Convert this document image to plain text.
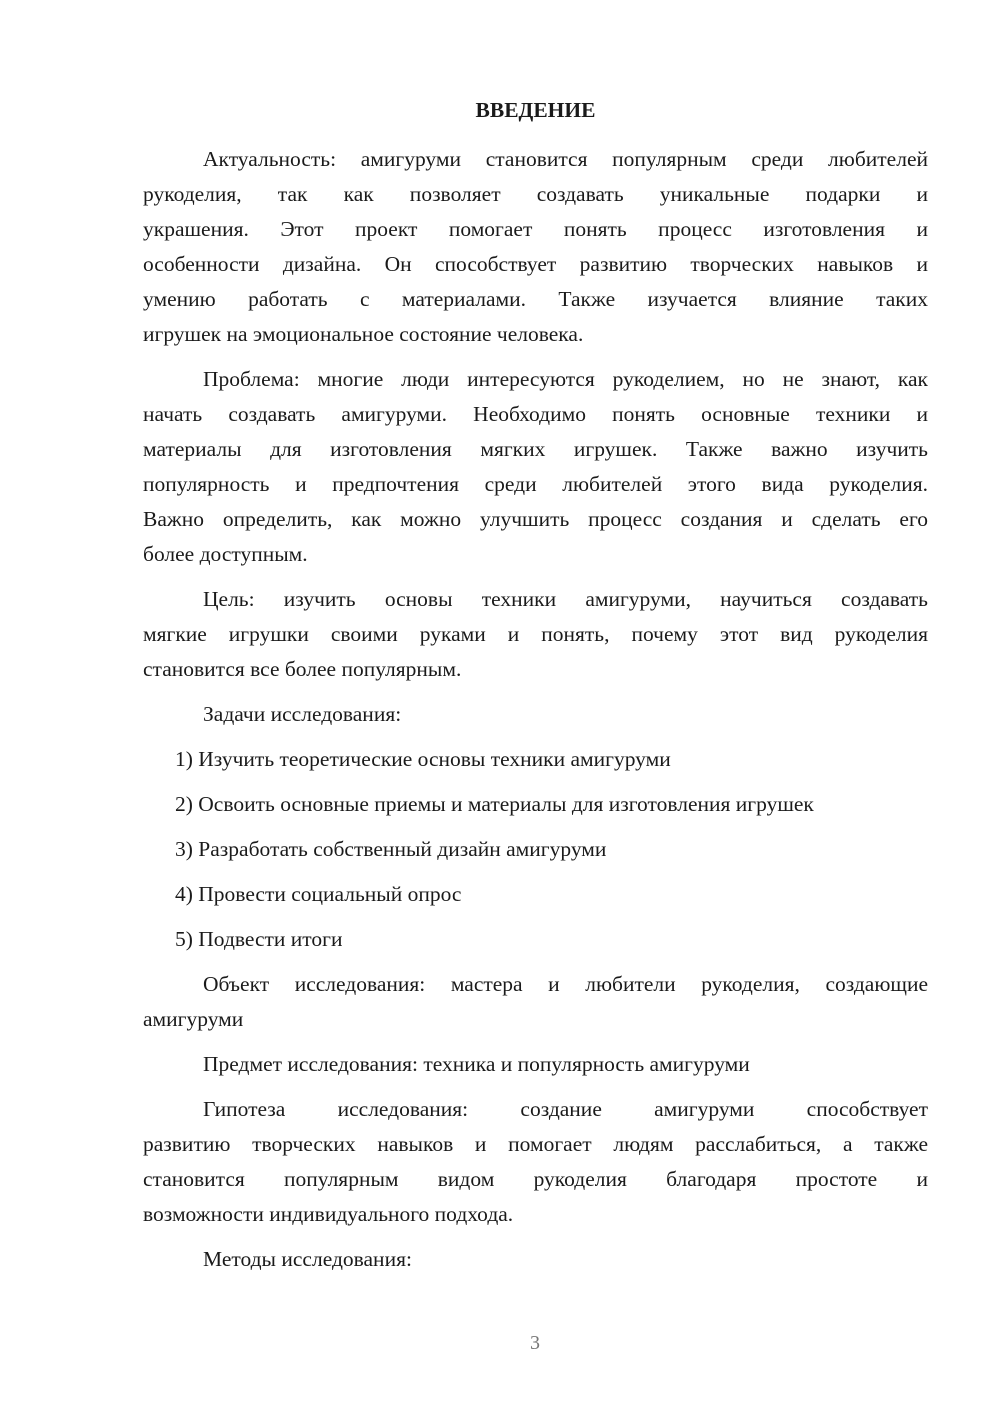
ВВЕДЕНИЕ
Актуальность: амигуруми становится популярным среди любителей
рукоделия, так как позволяет создавать уникальные подарки и
украшения. Этот проект помогает понять процесс изготовления и
особенности дизайна. Он способствует развитию творческих навыков и
умению работать с материалами. Также изучается влияние таких
игрушек на эмоциональное состояние человека.
Проблема: многие люди интересуются рукоделием, но не знают, как
начать создавать амигуруми. Необходимо понять основные техники и
материалы для изготовления мягких игрушек. Также важно изучить
популярность и предпочтения среди любителей этого вида рукоделия.
Важно определить, как можно улучшить процесс создания и сделать его
более доступным.
Цель: изучить основы техники амигуруми, научиться создавать
мягкие игрушки своими руками и понять, почему этот вид рукоделия
становится все более популярным.
Задачи исследования:
1) Изучить теоретические основы техники амигуруми
2) Освоить основные приемы и материалы для изготовления игрушек
3) Разработать собственный дизайн амигуруми
4) Провести социальный опрос
5) Подвести итоги
Объект исследования: мастера и любители рукоделия, создающие
амигуруми
Предмет исследования: техника и популярность амигуруми
Гипотеза исследования: создание амигуруми способствует
развитию творческих навыков и помогает людям расслабиться, а также
становится популярным видом рукоделия благодаря простоте и
возможности индивидуального подхода.
Методы исследования:
3
